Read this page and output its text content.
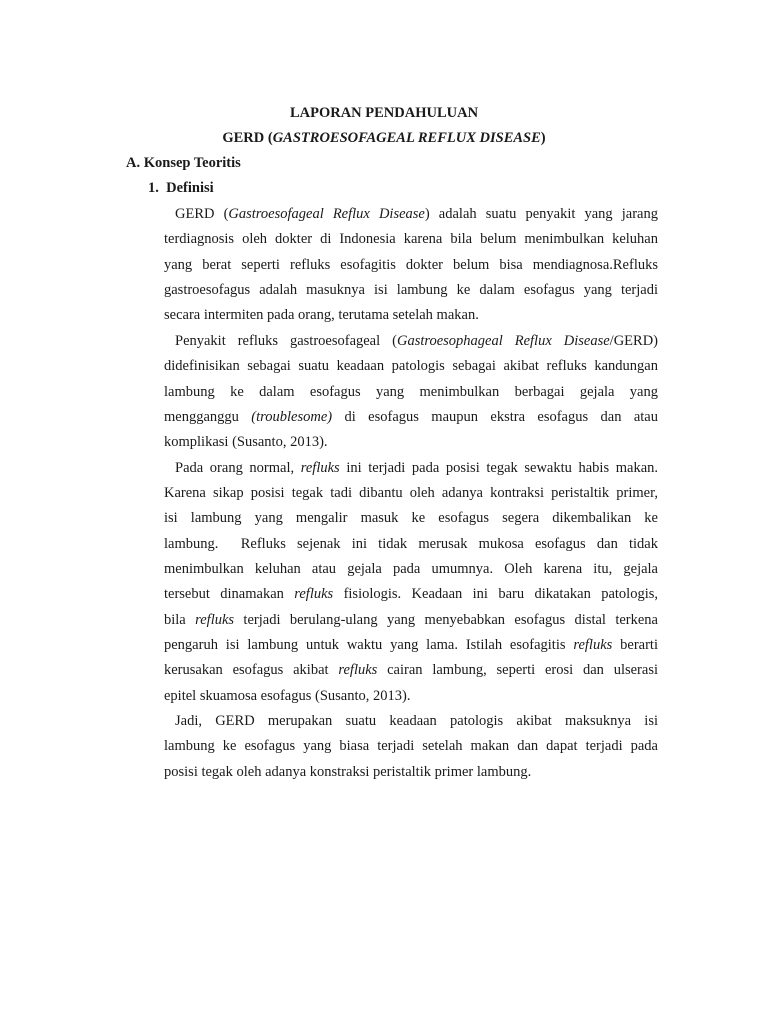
LAPORAN PENDAHULUAN
GERD (GASTROESOFAGEAL REFLUX DISEASE)
A. Konsep Teoritis
1.  Definisi
GERD (Gastroesofageal Reflux Disease) adalah suatu penyakit yang jarang
terdiagnosis oleh dokter di Indonesia karena bila belum menimbulkan keluhan
yang berat seperti refluks esofagitis dokter belum bisa mendiagnosa.Refluks
gastroesofagus adalah masuknya isi lambung ke dalam esofagus yang terjadi
secara intermiten pada orang, terutama setelah makan.
Penyakit refluks gastroesofageal (Gastroesophageal Reflux Disease/GERD)
didefinisikan sebagai suatu keadaan patologis sebagai akibat refluks kandungan
lambung ke dalam esofagus yang menimbulkan berbagai gejala yang
mengganggu (troublesome) di esofagus maupun ekstra esofagus dan atau
komplikasi (Susanto, 2013).
Pada orang normal, refluks ini terjadi pada posisi tegak sewaktu habis makan.
Karena sikap posisi tegak tadi dibantu oleh adanya kontraksi peristaltik primer,
isi lambung yang mengalir masuk ke esofagus segera dikembalikan ke
lambung.  Refluks sejenak ini tidak merusak mukosa esofagus dan tidak
menimbulkan keluhan atau gejala pada umumnya. Oleh karena itu, gejala
tersebut dinamakan refluks fisiologis. Keadaan ini baru dikatakan patologis,
bila refluks terjadi berulang-ulang yang menyebabkan esofagus distal terkena
pengaruh isi lambung untuk waktu yang lama. Istilah esofagitis refluks berarti
kerusakan esofagus akibat refluks cairan lambung, seperti erosi dan ulserasi
epitel skuamosa esofagus (Susanto, 2013).
Jadi, GERD merupakan suatu keadaan patologis akibat maksuknya isi
lambung ke esofagus yang biasa terjadi setelah makan dan dapat terjadi pada
posisi tegak oleh adanya konstraksi peristaltik primer lambung.
